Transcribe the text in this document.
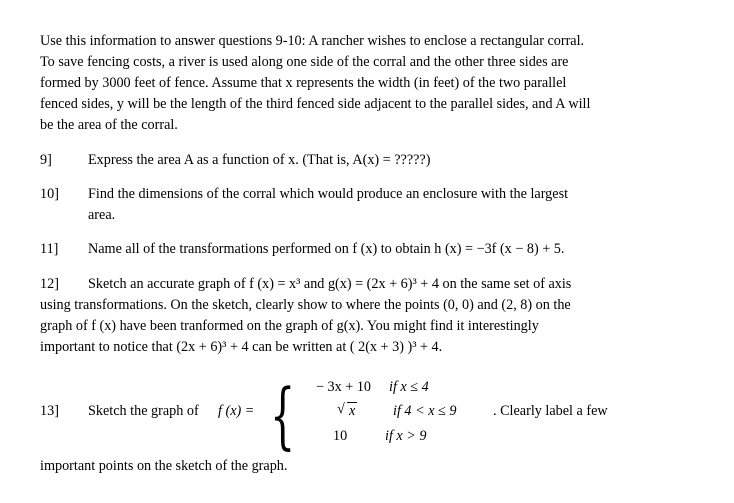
Use this information to answer questions 9-10: A rancher wishes to enclose a rectangular corral.
To save fencing costs, a river is used along one side of the corral and the other three sides are
formed by 3000 feet of fence. Assume that x represents the width (in feet) of the two parallel
fenced sides, y will be the length of the third fenced side adjacent to the parallel sides, and A will
be the area of the corral.
9]	Express the area A as a function of x. (That is, A(x) = ?????)
10] Find the dimensions of the corral which would produce an enclosure with the largest
area.
11] Name all of the transformations performed on f (x) to obtain h (x) = −3f (x − 8) + 5.
12] Sketch an accurate graph of f (x) = x³ and g(x) = (2x + 6)³ + 4 on the same set of axis
using transformations. On the sketch, clearly show to where the points (0, 0) and (2, 8) on the
graph of f (x) have been tranformed on the graph of g(x). You might find it interestingly
important to notice that (2x + 6)³ + 4 can be written at ( 2(x + 3) )³ + 4.
13] Sketch the graph of f (x) = { − 3x + 10 if x ≤ 4
√ x	if 4 < x ≤ 9
10	if x > 9
. Clearly label a few
important points on the sketch of the graph.
